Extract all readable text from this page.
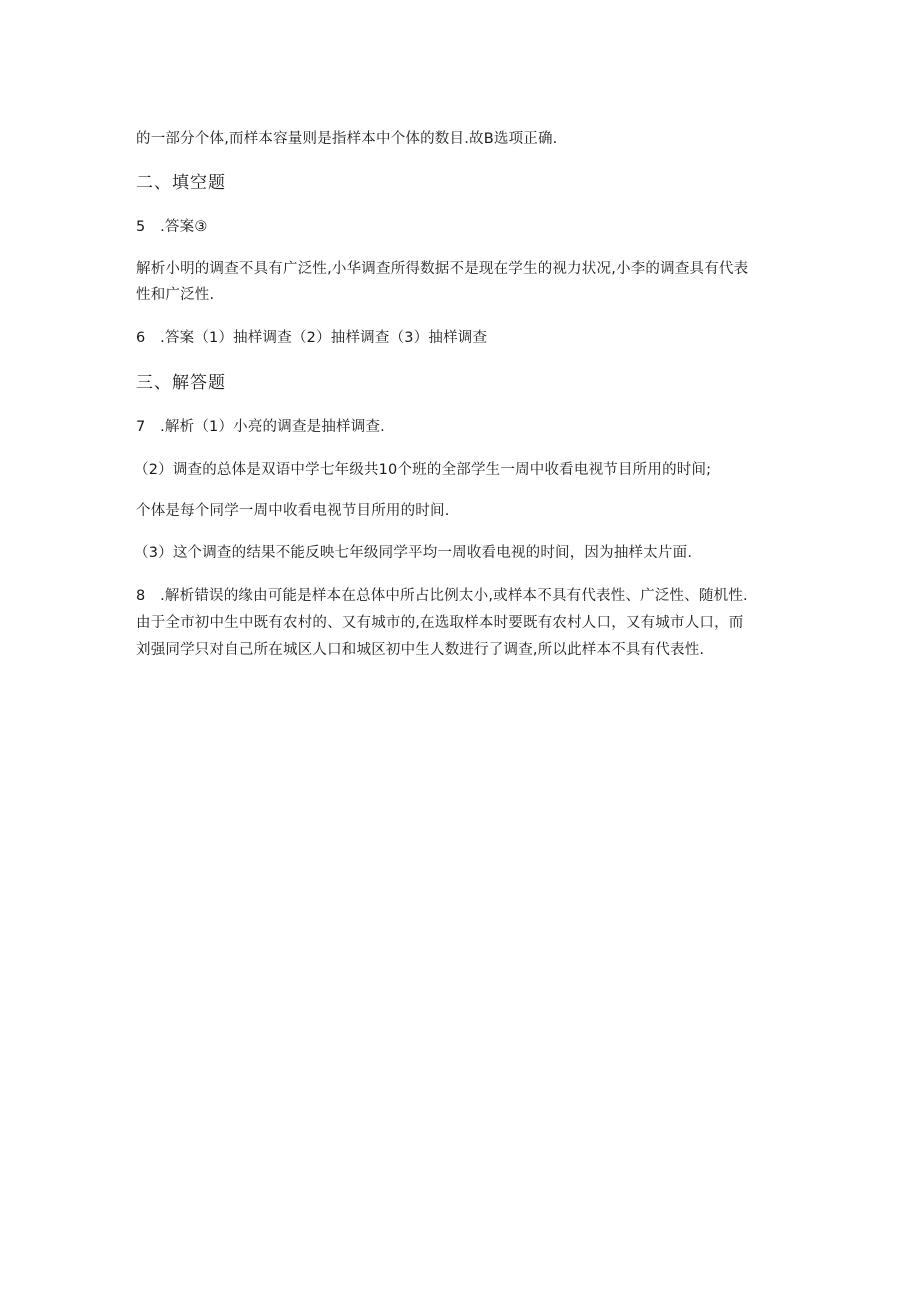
的一部分个体,而样本容量则是指样本中个体的数目.故B选项正确.
二、填空题
5　.答案③
解析小明的调查不具有广泛性,小华调查所得数据不是现在学生的视力状况,小李的调查具有代表
性和广泛性.
6　.答案（1）抽样调查（2）抽样调查（3）抽样调查
三、解答题
7　.解析（1）小亮的调查是抽样调查.
（2）调查的总体是双语中学七年级共10个班的全部学生一周中收看电视节目所用的时间;
个体是每个同学一周中收看电视节目所用的时间.
（3）这个调查的结果不能反映七年级同学平均一周收看电视的时间，因为抽样太片面.
8　.解析错误的缘由可能是样本在总体中所占比例太小,或样本不具有代表性、广泛性、随机性.
由于全市初中生中既有农村的、又有城市的,在选取样本时要既有农村人口，又有城市人口，而
刘强同学只对自己所在城区人口和城区初中生人数进行了调查,所以此样本不具有代表性.
